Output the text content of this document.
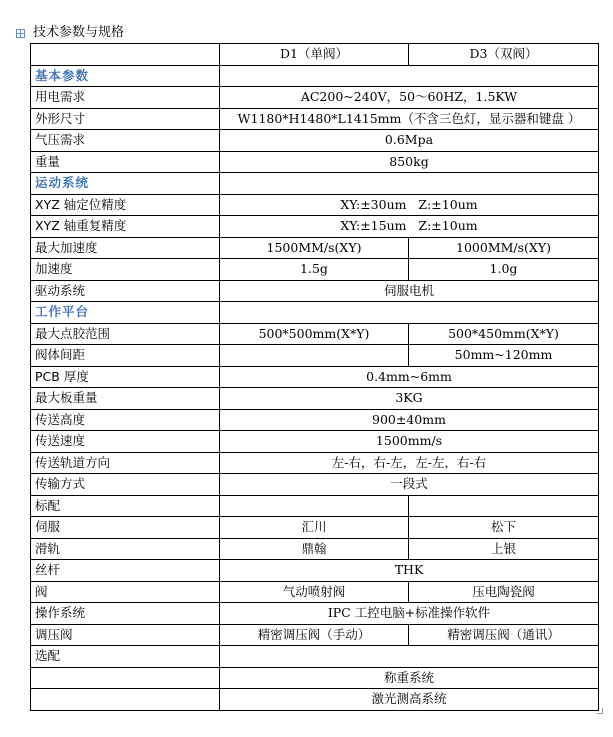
技术参数与规格
	D1（单阀）	D3（双阀）
基本参数		
用电需求	AC200~240V，50～60HZ，1.5KW	
外形尺寸	W1180*H1480*L1415mm（不含三色灯，显示器和键盘 ）	
气压需求	0.6Mpa	
重量	850kg	
运动系统		
XYZ 轴定位精度	XY:±30um   Z:±10um	
XYZ 轴重复精度	XY:±15um   Z:±10um	
最大加速度	1500MM/s(XY)	1000MM/s(XY)
加速度	1.5g	1.0g
驱动系统	伺服电机	
工作平台		
最大点胶范围	500*500mm(X*Y)	500*450mm(X*Y)
阀体间距		50mm~120mm
PCB 厚度	0.4mm~6mm	
最大板重量	3KG	
传送高度	900±40mm	
传送速度	1500mm/s	
传送轨道方向	左-右，右-左，左-左，右-右	
传输方式	一段式	
标配		
伺服	汇川	松下
滑轨	鼎翰	上银
丝杆	THK	
阀	气动喷射阀	压电陶瓷阀
操作系统	IPC 工控电脑+标准操作软件	
调压阀	精密调压阀（手动）	精密调压阀（通讯）
选配		
	称重系统	
	激光测高系统	
